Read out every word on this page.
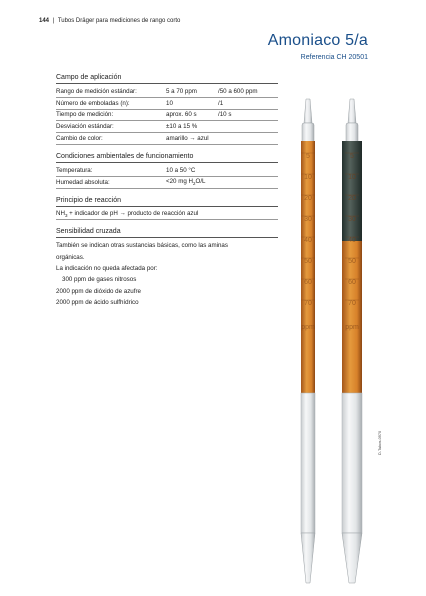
144 | Tubos Dräger para mediciones de rango corto
Amoniaco 5/a
Referencia CH 20501
Campo de aplicación
Rango de medición estándar:	5 a 70 ppm	/50 a 600 ppm
Número de emboladas (n):	10	/1
Tiempo de medición:	aprox. 60 s	/10 s
Desviación estándar:	±10 a 15 %
Cambio de color:	amarillo → azul
Condiciones ambientales de funcionamiento
Temperatura:	10 a 50 °C
Humedad absoluta:	<20 mg $H_2O/L$
Principio de reacción
$NH_3$ + indicador de pH → producto de reacción azul
Sensibilidad cruzada
También se indican otras sustancias básicas, como las aminas
orgánicas.
La indicación no queda afectada por:
300 ppm de gases nitrosos
2000 ppm de dióxido de azufre
2000 ppm de ácido sulfhídrico
5
10
20
30
40
50
60
70
ppm
5
10
20
30
40
50
60
70
ppm
D-Tubos-0970
